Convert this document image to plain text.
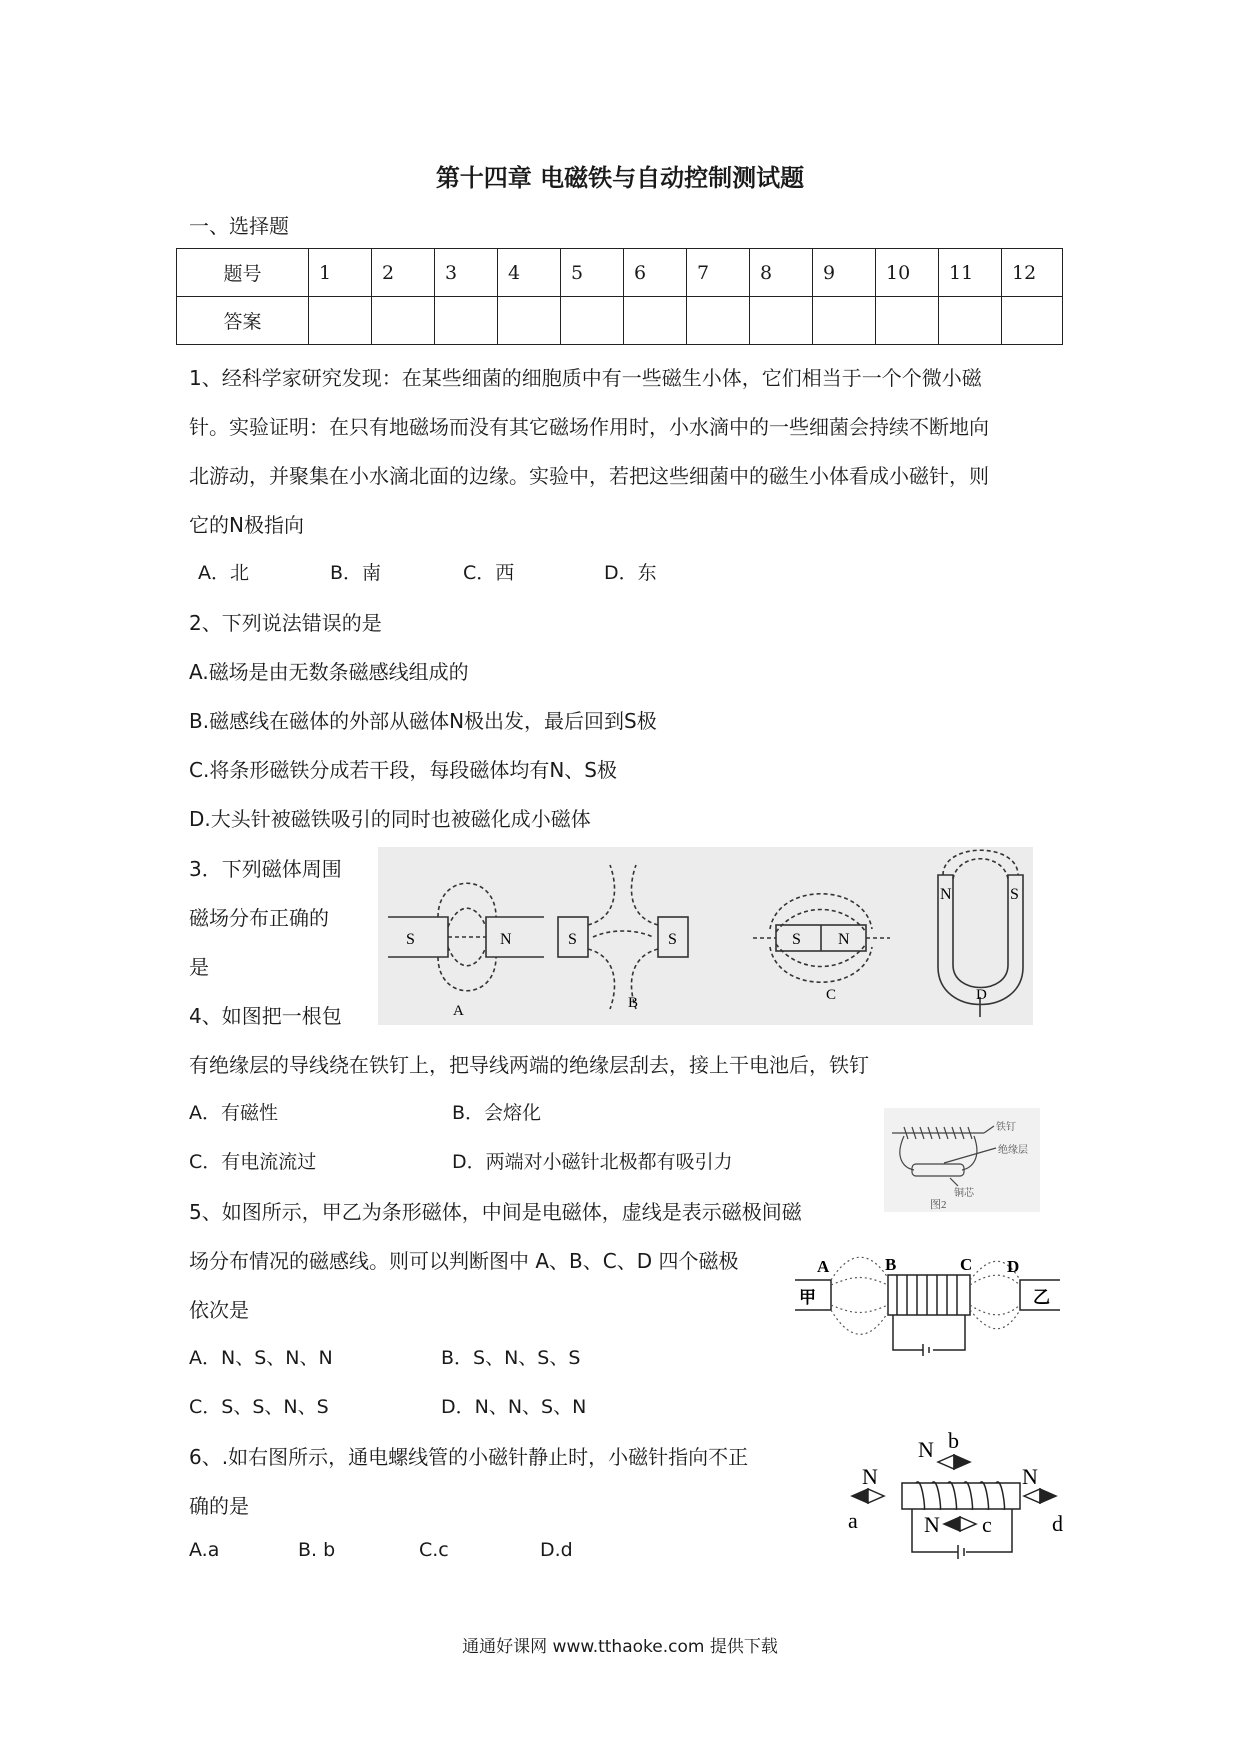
第十四章 电磁铁与自动控制测试题
一、选择题
题号	1	2	3	4	5	6	7	8	9	10	11	12
答案												
1、经科学家研究发现：在某些细菌的细胞质中有一些磁生小体，它们相当于一个个微小磁
针。实验证明：在只有地磁场而没有其它磁场作用时，小水滴中的一些细菌会持续不断地向
北游动，并聚集在小水滴北面的边缘。实验中，若把这些细菌中的磁生小体看成小磁针，则
它的N极指向
A．北	B．南	C．西	D．东
2、下列说法错误的是
A.磁场是由无数条磁感线组成的
B.磁感线在磁体的外部从磁体N极出发，最后回到S极
C.将条形磁铁分成若干段，每段磁体均有N、S极
D.大头针被磁铁吸引的同时也被磁化成小磁体
3．下列磁体周围
磁场分布正确的
是
S	N	S	S	S N
N	S
A	B	C	D
4、如图把一根包
有绝缘层的导线绕在铁钉上，把导线两端的绝缘层刮去，接上干电池后，铁钉
A．有磁性	B．会熔化
C．有电流流过	D．两端对小磁针北极都有吸引力
铁钉
绝缘层
铜芯
图2
5、如图所示，甲乙为条形磁体，中间是电磁体，虚线是表示磁极间磁
场分布情况的磁感线。则可以判断图中 A、B、C、D 四个磁极
依次是
A．N、S、N、N	B．S、N、S、S
C．S、S、N、S	D．N、N、S、N
A	B	C D
甲	乙
6、.如右图所示，通电螺线管的小磁针静止时，小磁针指向不正
确的是
A.a	B. b	C.c	D.d
N b
N
a
N
d
N c
通通好课网 www.tthaoke.com 提供下载
